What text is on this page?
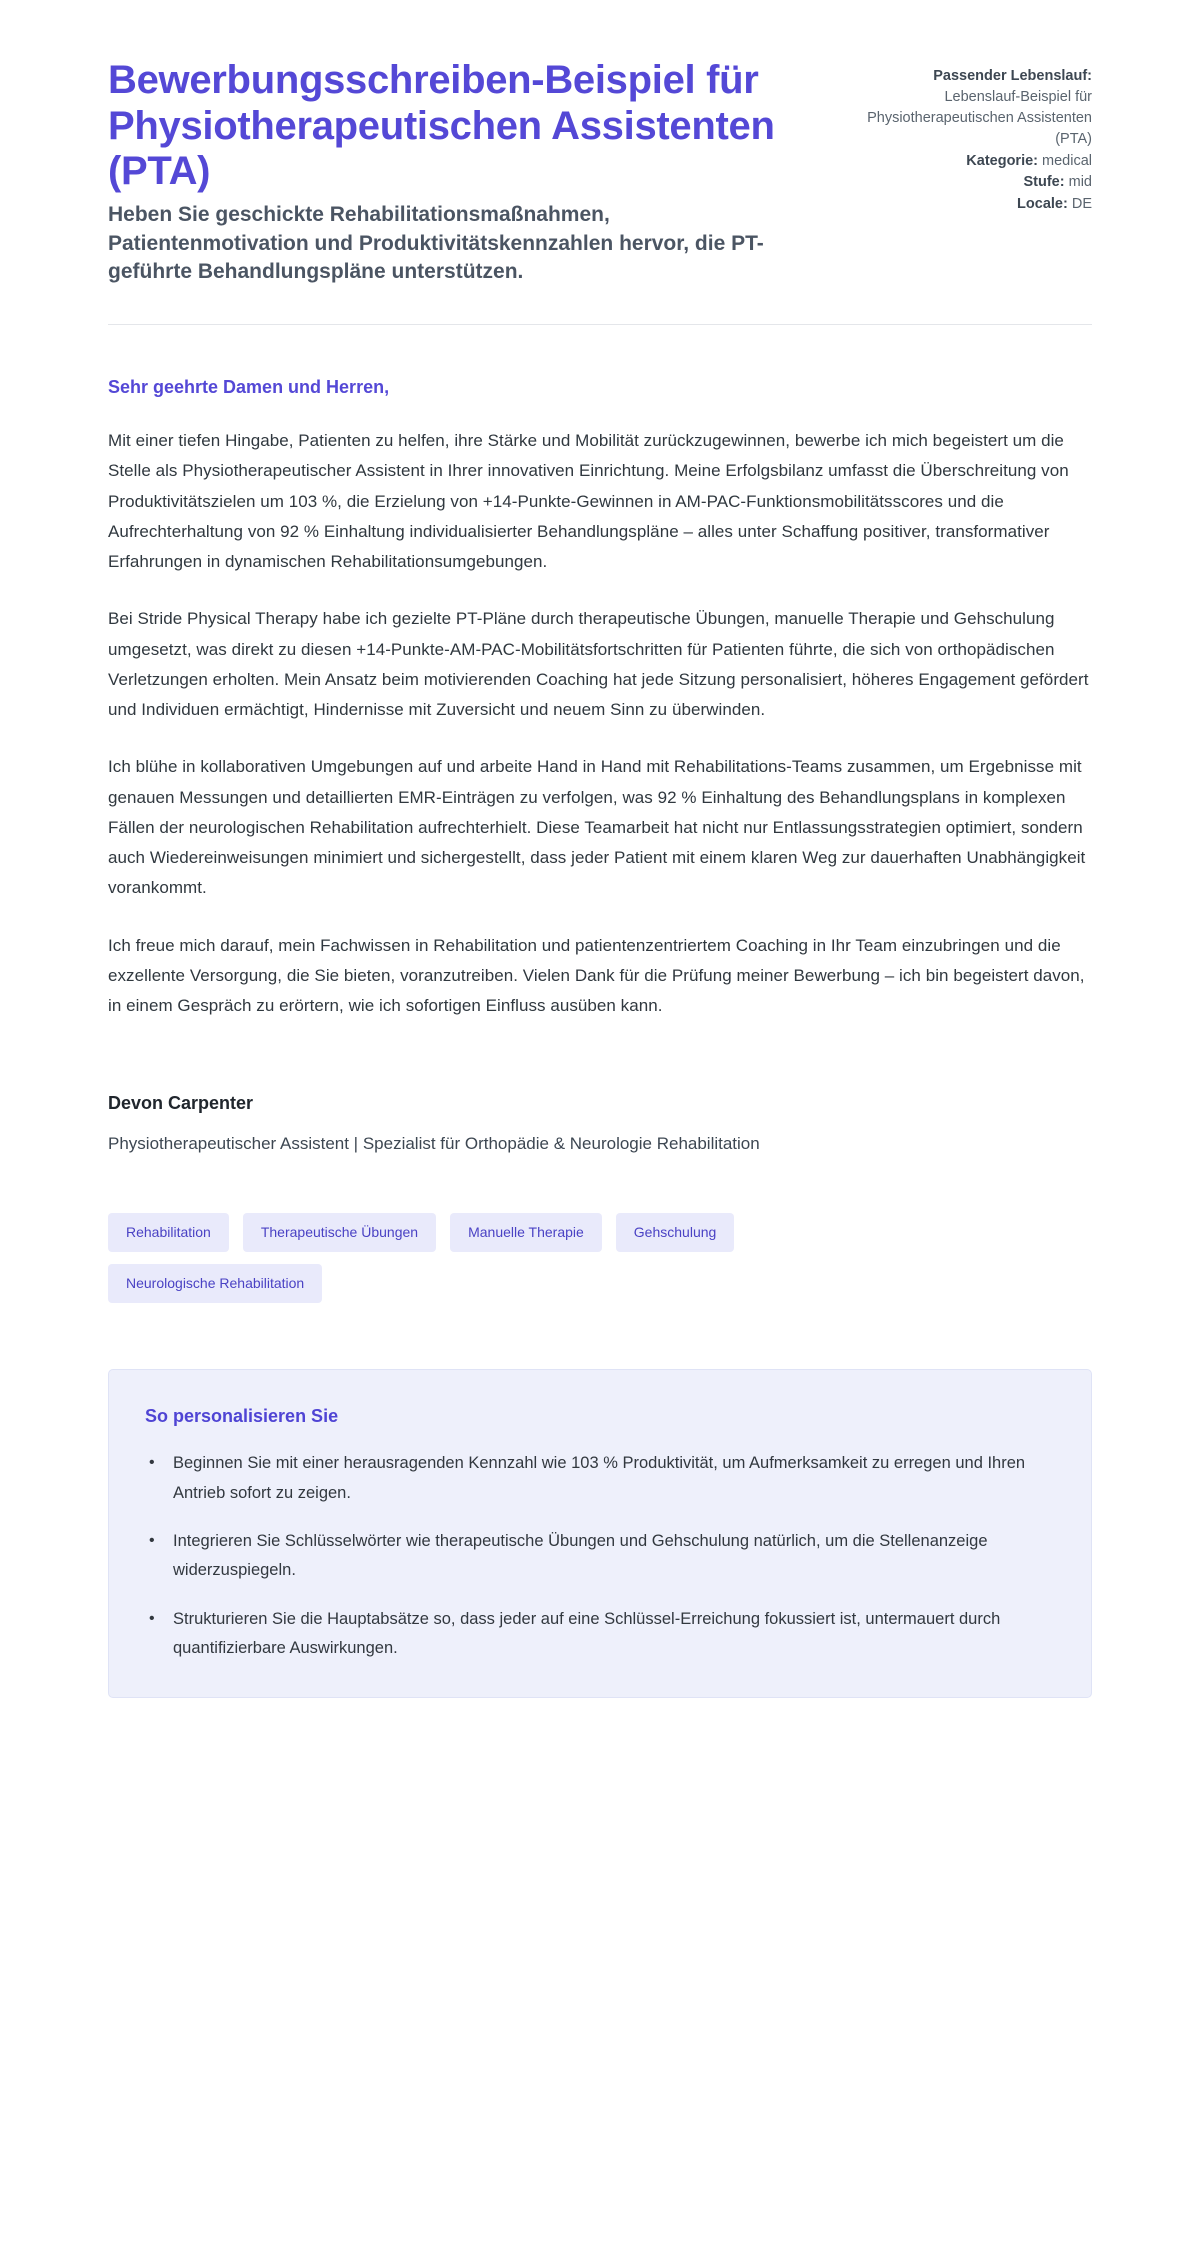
Bewerbungsschreiben-Beispiel für Physiotherapeutischen Assistenten (PTA)

Heben Sie geschickte Rehabilitationsmaßnahmen, Patientenmotivation und Produktivitätskennzahlen hervor, die PT-geführte Behandlungspläne unterstützen.

Passender Lebenslauf:
Lebenslauf-Beispiel für Physiotherapeutischen Assistenten (PTA)
Kategorie: medical
Stufe: mid
Locale: DE

Sehr geehrte Damen und Herren,

Mit einer tiefen Hingabe, Patienten zu helfen, ihre Stärke und Mobilität zurückzugewinnen, bewerbe ich mich begeistert um die Stelle als Physiotherapeutischer Assistent in Ihrer innovativen Einrichtung. Meine Erfolgsbilanz umfasst die Überschreitung von Produktivitätszielen um 103 %, die Erzielung von +14-Punkte-Gewinnen in AM-PAC-Funktionsmobilitätsscores und die Aufrechterhaltung von 92 % Einhaltung individualisierter Behandlungspläne – alles unter Schaffung positiver, transformativer Erfahrungen in dynamischen Rehabilitationsumgebungen.

Bei Stride Physical Therapy habe ich gezielte PT-Pläne durch therapeutische Übungen, manuelle Therapie und Gehschulung umgesetzt, was direkt zu diesen +14-Punkte-AM-PAC-Mobilitätsfortschritten für Patienten führte, die sich von orthopädischen Verletzungen erholten. Mein Ansatz beim motivierenden Coaching hat jede Sitzung personalisiert, höheres Engagement gefördert und Individuen ermächtigt, Hindernisse mit Zuversicht und neuem Sinn zu überwinden.

Ich blühe in kollaborativen Umgebungen auf und arbeite Hand in Hand mit Rehabilitations-Teams zusammen, um Ergebnisse mit genauen Messungen und detaillierten EMR-Einträgen zu verfolgen, was 92 % Einhaltung des Behandlungsplans in komplexen Fällen der neurologischen Rehabilitation aufrechterhielt. Diese Teamarbeit hat nicht nur Entlassungsstrategien optimiert, sondern auch Wiedereinweisungen minimiert und sichergestellt, dass jeder Patient mit einem klaren Weg zur dauerhaften Unabhängigkeit vorankommt.

Ich freue mich darauf, mein Fachwissen in Rehabilitation und patientenzentriertem Coaching in Ihr Team einzubringen und die exzellente Versorgung, die Sie bieten, voranzutreiben. Vielen Dank für die Prüfung meiner Bewerbung – ich bin begeistert davon, in einem Gespräch zu erörtern, wie ich sofortigen Einfluss ausüben kann.

Devon Carpenter

Physiotherapeutischer Assistent | Spezialist für Orthopädie & Neurologie Rehabilitation

Rehabilitation	Therapeutische Übungen	Manuelle Therapie	Gehschulung
Neurologische Rehabilitation
So personalisieren Sie
• Beginnen Sie mit einer herausragenden Kennzahl wie 103 % Produktivität, um Aufmerksamkeit zu erregen und Ihren Antrieb sofort zu zeigen.
• Integrieren Sie Schlüsselwörter wie therapeutische Übungen und Gehschulung natürlich, um die Stellenanzeige widerzuspiegeln.
• Strukturieren Sie die Hauptabsätze so, dass jeder auf eine Schlüssel-Erreichung fokussiert ist, untermauert durch quantifizierbare Auswirkungen.
